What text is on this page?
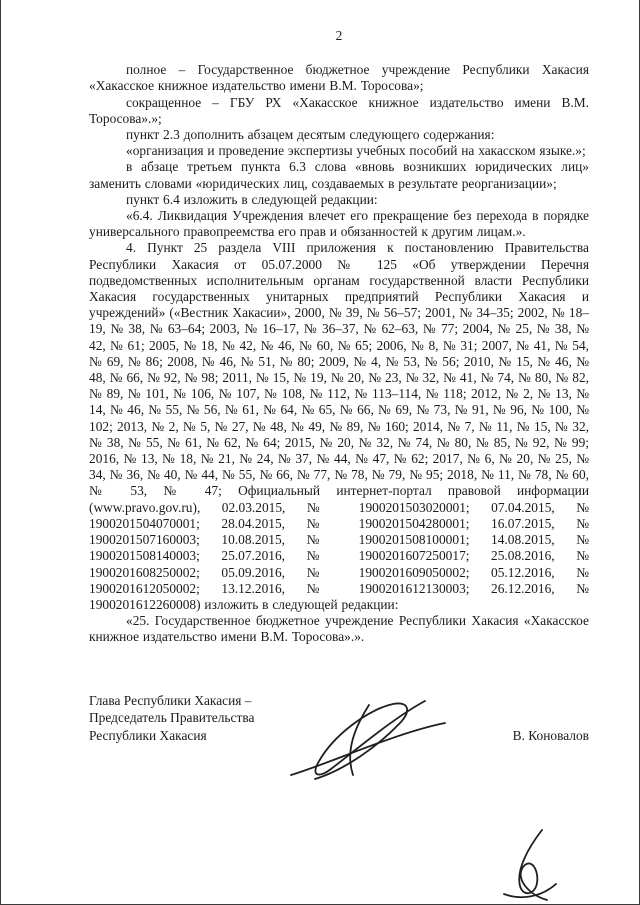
2

полное – Государственное бюджетное учреждение Республики Хакасия «Хакасское книжное издательство имени В.М. Торосова»;

сокращенное – ГБУ РХ «Хакасское книжное издательство имени В.М. Торосова».»;

пункт 2.3 дополнить абзацем десятым следующего содержания:

«организация и проведение экспертизы учебных пособий на хакасском языке.»;

в абзаце третьем пункта 6.3 слова «вновь возникших юридических лиц» заменить словами «юридических лиц, создаваемых в результате реорганизации»;

пункт 6.4 изложить в следующей редакции:

«6.4. Ликвидация Учреждения влечет его прекращение без перехода в порядке универсального правопреемства его прав и обязанностей к другим лицам.».

4. Пункт 25 раздела VIII приложения к постановлению Правительства Республики Хакасия от 05.07.2000 № 125 «Об утверждении Перечня подведомственных исполнительным органам государственной власти Республики Хакасия государственных унитарных предприятий Республики Хакасия и учреждений» («Вестник Хакасии», 2000, № 39, № 56–57; 2001, № 34–35; 2002, № 18–19, № 38, № 63–64; 2003, № 16–17, № 36–37, № 62–63, № 77; 2004, № 25, № 38, № 42, № 61; 2005, № 18, № 42, № 46, № 60, № 65; 2006, № 8, № 31; 2007, № 41, № 54, № 69, № 86; 2008, № 46, № 51, № 80; 2009, № 4, № 53, № 56; 2010, № 15, № 46, № 48, № 66, № 92, № 98; 2011, № 15, № 19, № 20, № 23, № 32, № 41, № 74, № 80, № 82, № 89, № 101, № 106, № 107, № 108, № 112, № 113–114, № 118; 2012, № 2, № 13, № 14, № 46, № 55, № 56, № 61, № 64, № 65, № 66, № 69, № 73, № 91, № 96, № 100, № 102; 2013, № 2, № 5, № 27, № 48, № 49, № 89, № 160; 2014, № 7, № 11, № 15, № 32, № 38, № 55, № 61, № 62, № 64; 2015, № 20, № 32, № 74, № 80, № 85, № 92, № 99; 2016, № 13, № 18, № 21, № 24, № 37, № 44, № 47, № 62; 2017, № 6, № 20, № 25, № 34, № 36, № 40, № 44, № 55, № 66, № 77, № 78, № 79, № 95; 2018, № 11, № 78, № 60, № 53, № 47; Официальный интернет-портал правовой информации (www.pravo.gov.ru), 02.03.2015, № 1900201503020001; 07.04.2015, № 1900201504070001; 28.04.2015, № 1900201504280001; 16.07.2015, № 1900201507160003; 10.08.2015, № 1900201508100001; 14.08.2015, № 1900201508140003; 25.07.2016, № 1900201607250017; 25.08.2016, № 1900201608250002; 05.09.2016, № 1900201609050002; 05.12.2016, № 1900201612050002; 13.12.2016, № 1900201612130003; 26.12.2016, № 1900201612260008) изложить в следующей редакции:

«25. Государственное бюджетное учреждение Республики Хакасия «Хакасское книжное издательство имени В.М. Торосова».».

Глава Республики Хакасия –
Председатель Правительства
Республики Хакасия	В. Коновалов
